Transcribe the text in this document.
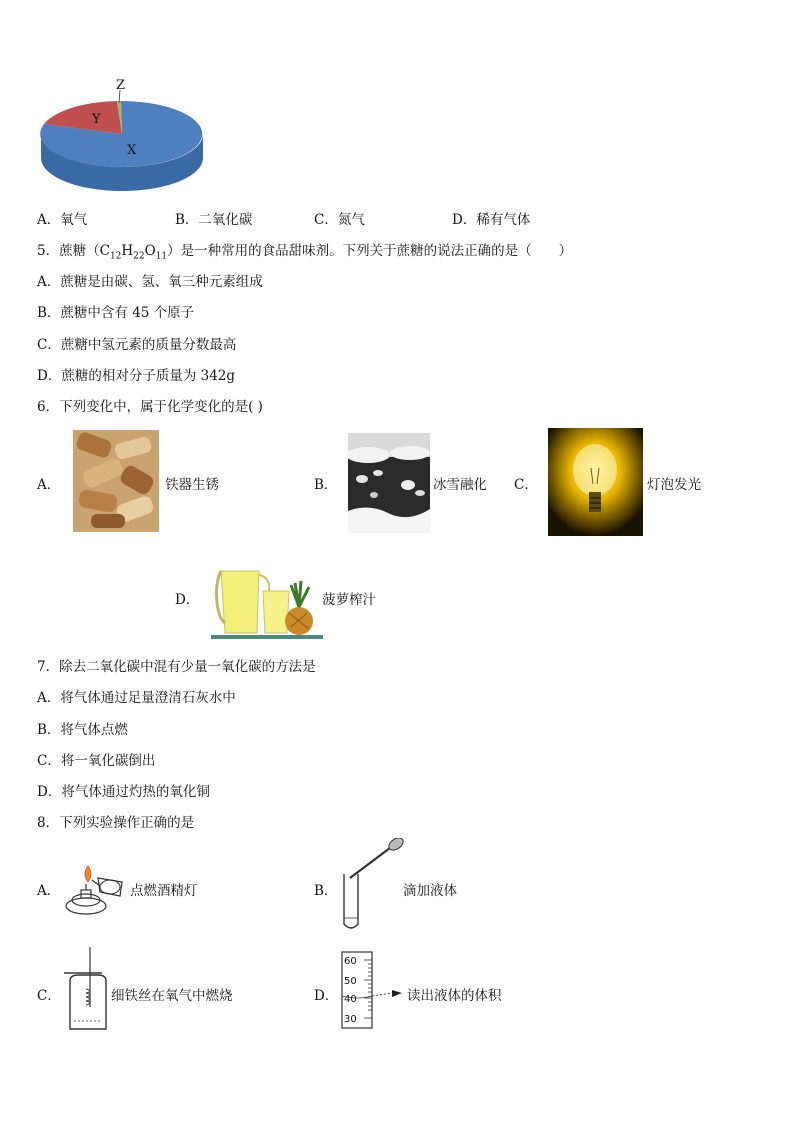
Z
Y
X
A．氧气	B．二氧化碳	C．氮气	D．稀有气体
5．蔗糖$(C_{12}H_{22}O_{11})$是一种常用的食品甜味剂。下列关于蔗糖的说法正确的是（　　）
A．蔗糖是由碳、氢、氧三种元素组成
B．蔗糖中含有 45 个原子
C．蔗糖中氢元素的质量分数最高
D．蔗糖的相对分子质量为 342g
6．下列变化中，属于化学变化的是( )
A．	铁器生锈	B．	冰雪融化 C．	灯泡发光
D．	菠萝榨汁
7．除去二氧化碳中混有少量一氧化碳的方法是
A．将气体通过足量澄清石灰水中
B．将气体点燃
C．将一氧化碳倒出
D．将气体通过灼热的氧化铜
8．下列实验操作正确的是
A．	点燃酒精灯	B．	滴加液体
C．	细铁丝在氧气中燃烧	D．
60
50
40
30
读出液体的体积
